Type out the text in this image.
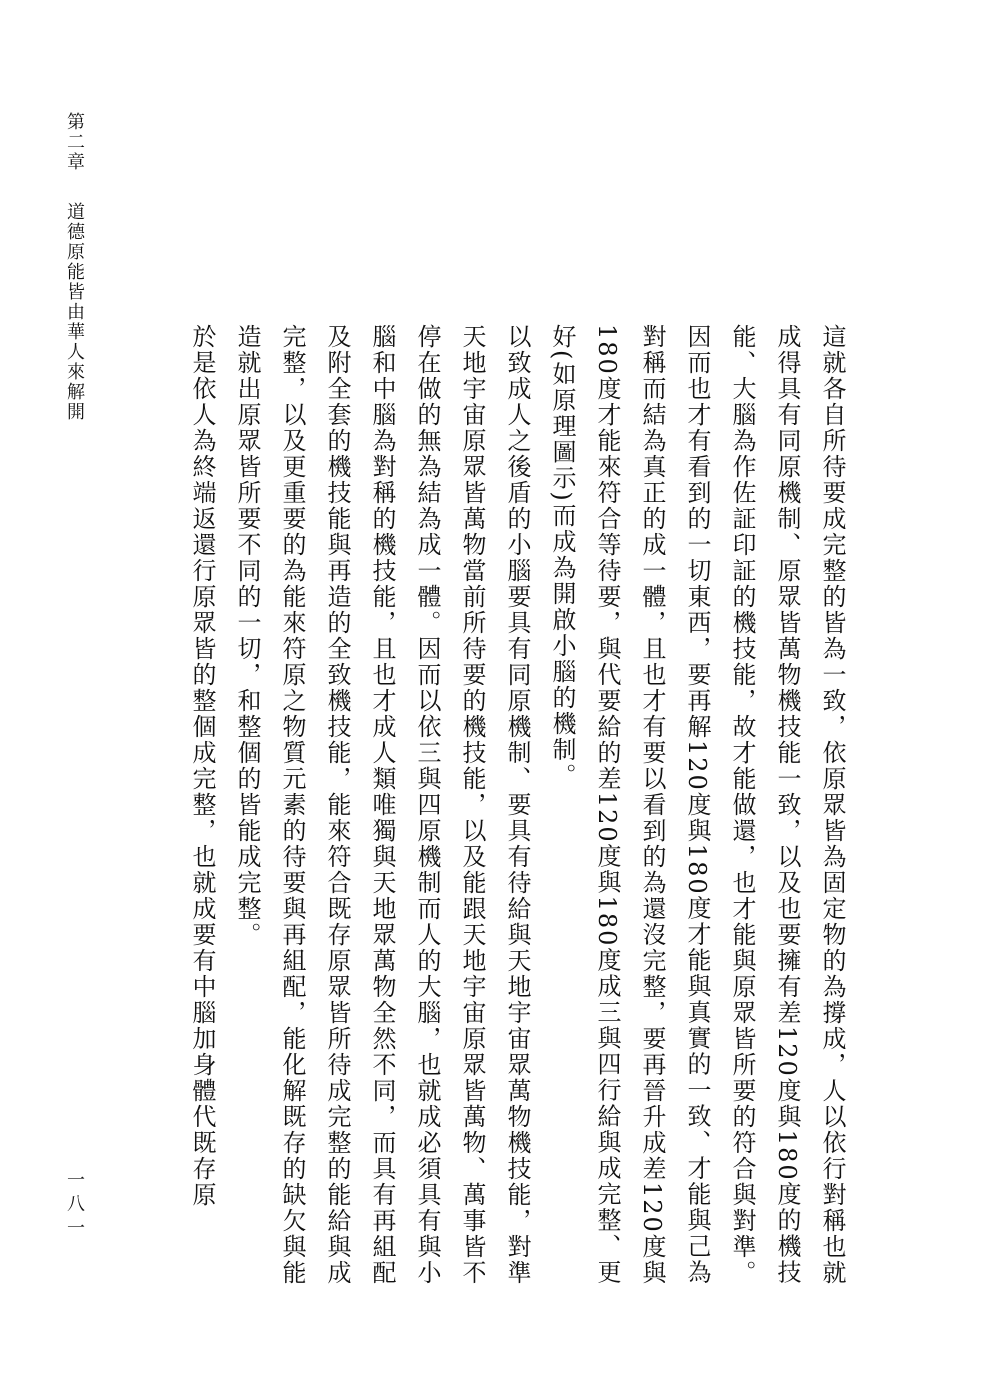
第二章道德原能皆由華人來解開
一八一	這就各自所待要成完整的皆為一致，依原眾皆為固定物的為撐成，人以依行對稱也就成得具有同原機制、原眾皆萬物機技能一致，以及也要擁有差120度與180度的機技能、大腦為作佐証印証的機技能，故才能做還，也才能與原眾皆所要的符合與對準。因而也才有看到的一切東西，要再解120度與180度才能與真實的一致、才能與己為對稱而結為真正的成一體，且也才有要以看到的為還沒完整，要再晉升成差120度與180度才能來符合等待要，與代要給的差120度與180度成三與四行給與成完整、更好(如原理圖示)而成為開啟小腦的機制。

以致成人之後盾的小腦要具有同原機制、要具有待給與天地宇宙眾萬物機技能，對準天地宇宙原眾皆萬物當前所待要的機技能，以及能跟天地宇宙原眾皆萬物、萬事皆不停在做的無為結為成一體。因而以依三與四原機制而人的大腦，也就成必須具有與小腦和中腦為對稱的機技能，且也才成人類唯獨與天地眾萬物全然不同，而具有再組配及附全套的機技能與再造的全致機技能，能來符合既存原眾皆所待成完整的能給與成完整，以及更重要的為能來符原之物質元素的待要與再組配，能化解既存的缺欠與能造就出原眾皆所要不同的一切，和整個的皆能成完整。

於是依人為終端返還行原眾皆的整個成完整，也就成要有中腦加身體代既存原
